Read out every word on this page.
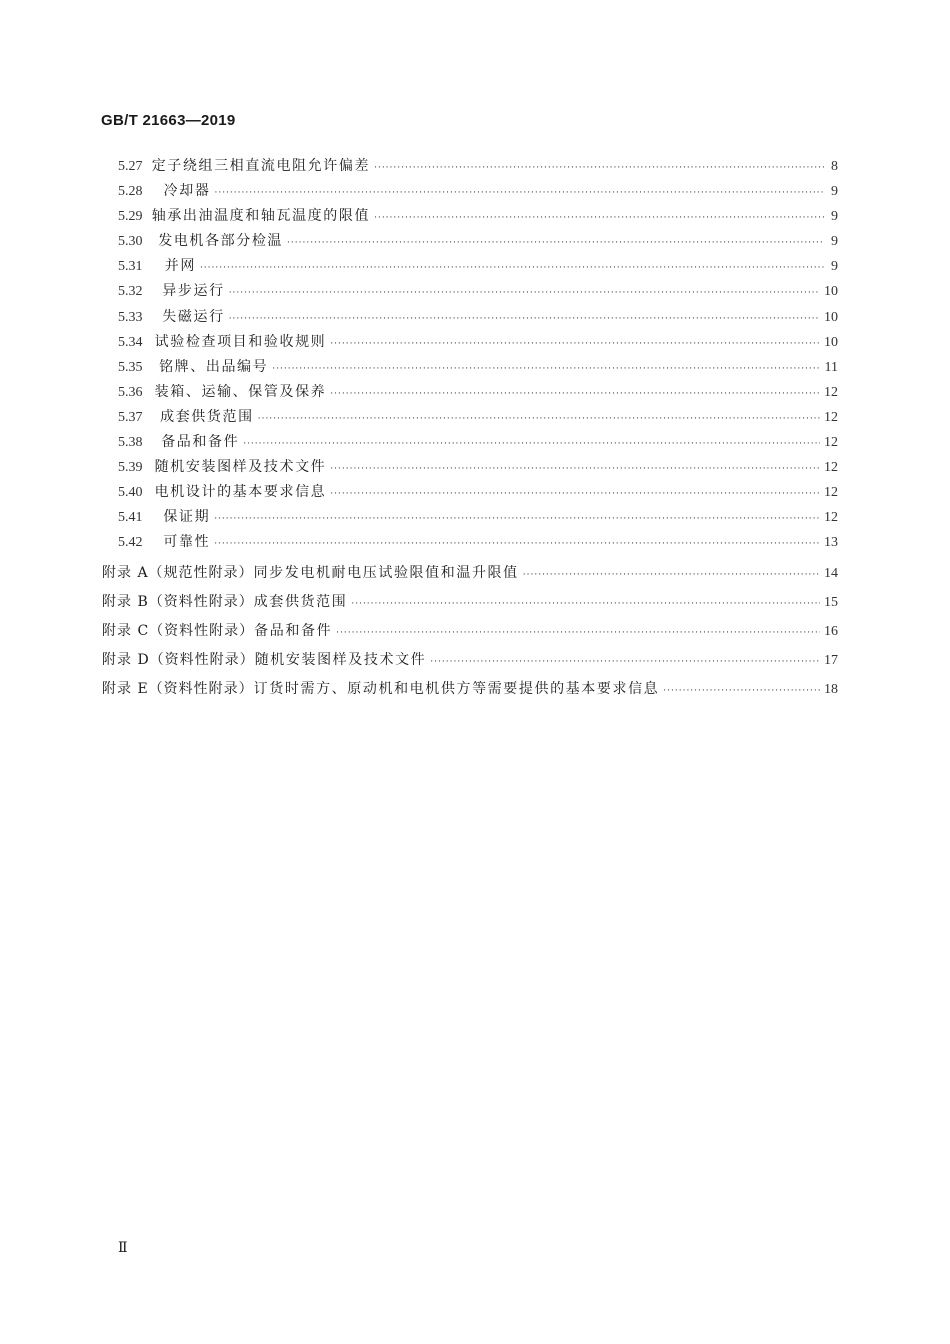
GB/T 21663—2019
5.27 定子绕组三相直流电阻允许偏差 ·····	8
5.28	冷却器 ·····	9
5.29 轴承出油温度和轴瓦温度的限值 ·····	9
5.30	发电机各部分检温 ·····	9
5.31	并网 ·····	9
5.32	异步运行 ·····	10
5.33	失磁运行 ·····	10
5.34 试验检查项目和验收规则 ·····	10
5.35	铭牌、出品编号 ·····	11
5.36 装箱、运输、保管及保养 ·····	12
5.37	成套供货范围 ·····	12
5.38	备品和备件 ·····	12
5.39 随机安装图样及技术文件 ·····	12
5.40 电机设计的基本要求信息 ·····	12
5.41	保证期 ·····	12
5.42	可靠性 ·····	13
附录 A（规范性附录） 同步发电机耐电压试验限值和温升限值 ·····	14
附录 B（资料性附录） 成套供货范围 ·····	15
附录 C（资料性附录） 备品和备件 ·····	16
附录 D（资料性附录） 随机安装图样及技术文件 ·····	17
附录 E（资料性附录） 订货时需方、原动机和电机供方等需要提供的基本要求信息 ·····	18
Ⅱ
